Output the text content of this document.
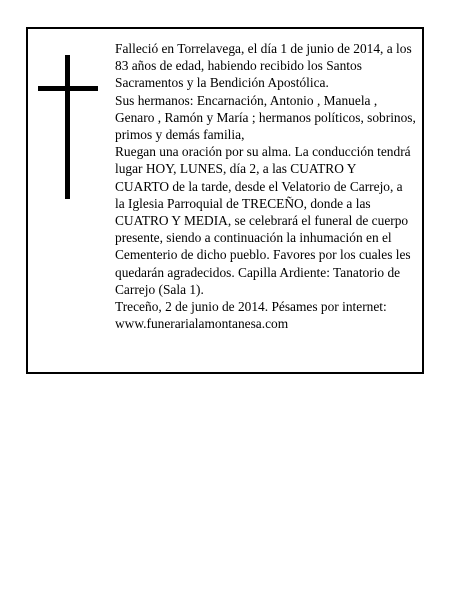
Falleció en Torrelavega, el día 1 de junio de 2014, a los
83 años de edad, habiendo recibido los Santos
Sacramentos y la Bendición Apostólica.

Sus hermanos: Encarnación, Antonio , Manuela ,
Genaro , Ramón y María ; hermanos políticos, sobrinos,
primos y demás familia,

Ruegan una oración por su alma. La conducción tendrá
lugar HOY, LUNES, día 2, a las CUATRO Y
CUARTO de la tarde, desde el Velatorio de Carrejo, a
la Iglesia Parroquial de TRECEÑO, donde a las
CUATRO Y MEDIA, se celebrará el funeral de cuerpo
presente, siendo a continuación la inhumación en el
Cementerio de dicho pueblo. Favores por los cuales les
quedarán agradecidos. Capilla Ardiente: Tanatorio de
Carrejo (Sala 1).

Treceño, 2 de junio de 2014. Pésames por internet:
www.funerarialamontanesa.com
